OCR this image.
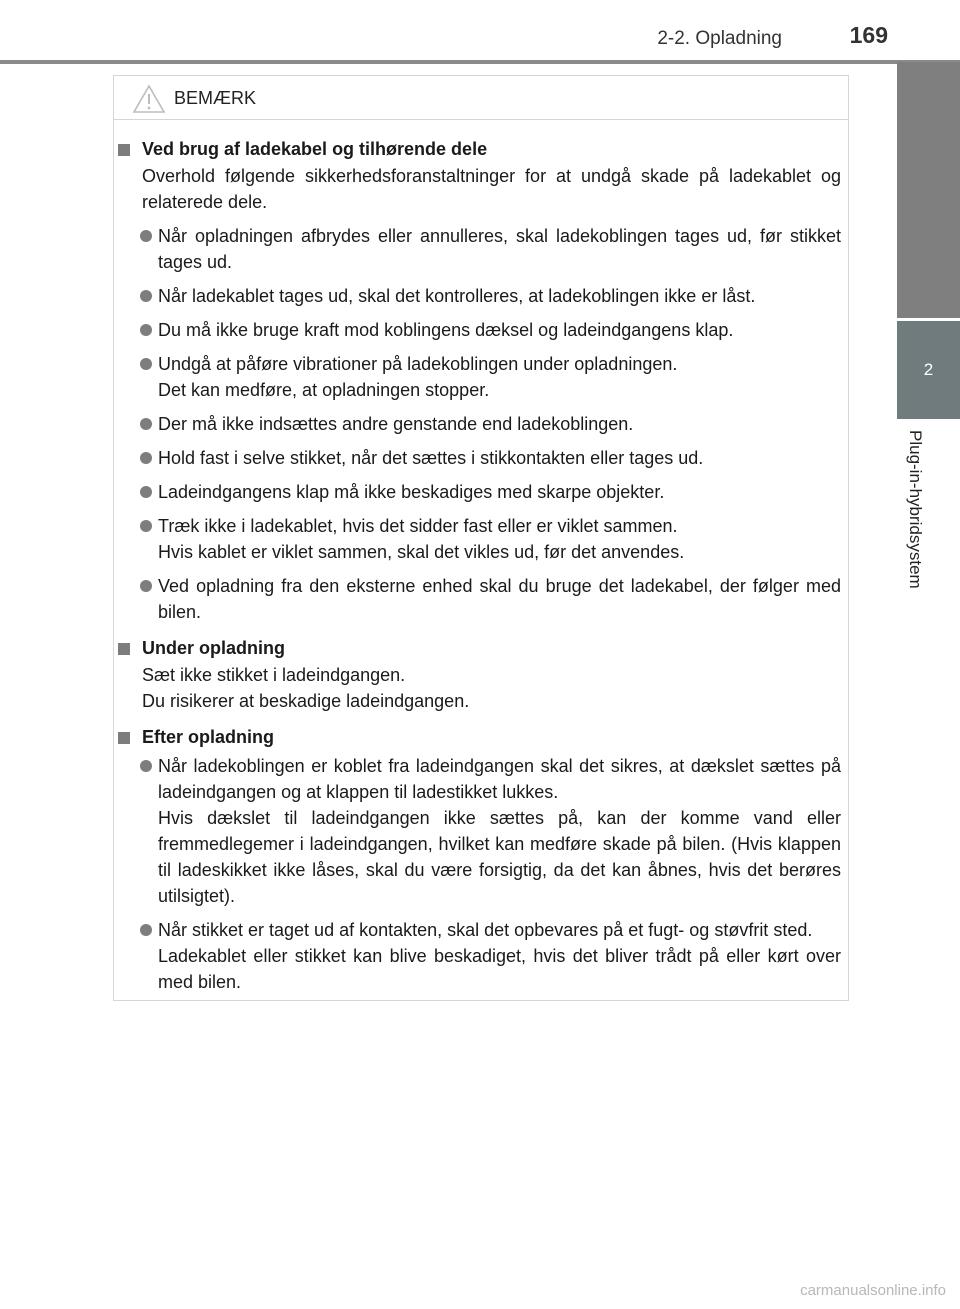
2-2. Opladning	169
2
Plug-in-hybridsystem
BEMÆRK
Ved brug af ladekabel og tilhørende dele
Overhold følgende sikkerhedsforanstaltninger for at undgå skade på ladekablet og relaterede dele.
Når opladningen afbrydes eller annulleres, skal ladekoblingen tages ud, før stikket tages ud.
Når ladekablet tages ud, skal det kontrolleres, at ladekoblingen ikke er låst.
Du må ikke bruge kraft mod koblingens dæksel og ladeindgangens klap.
Undgå at påføre vibrationer på ladekoblingen under opladningen.
Det kan medføre, at opladningen stopper.
Der må ikke indsættes andre genstande end ladekoblingen.
Hold fast i selve stikket, når det sættes i stikkontakten eller tages ud.
Ladeindgangens klap må ikke beskadiges med skarpe objekter.
Træk ikke i ladekablet, hvis det sidder fast eller er viklet sammen.
Hvis kablet er viklet sammen, skal det vikles ud, før det anvendes.
Ved opladning fra den eksterne enhed skal du bruge det ladekabel, der følger med bilen.
Under opladning
Sæt ikke stikket i ladeindgangen.
Du risikerer at beskadige ladeindgangen.
Efter opladning
Når ladekoblingen er koblet fra ladeindgangen skal det sikres, at dækslet sættes på ladeindgangen og at klappen til ladestikket lukkes.
Hvis dækslet til ladeindgangen ikke sættes på, kan der komme vand eller fremmedlegemer i ladeindgangen, hvilket kan medføre skade på bilen. (Hvis klappen til ladeskikket ikke låses, skal du være forsigtig, da det kan åbnes, hvis det berøres utilsigtet).
Når stikket er taget ud af kontakten, skal det opbevares på et fugt- og støvfrit sted.
Ladekablet eller stikket kan blive beskadiget, hvis det bliver trådt på eller kørt over med bilen.
carmanualsonline.info
